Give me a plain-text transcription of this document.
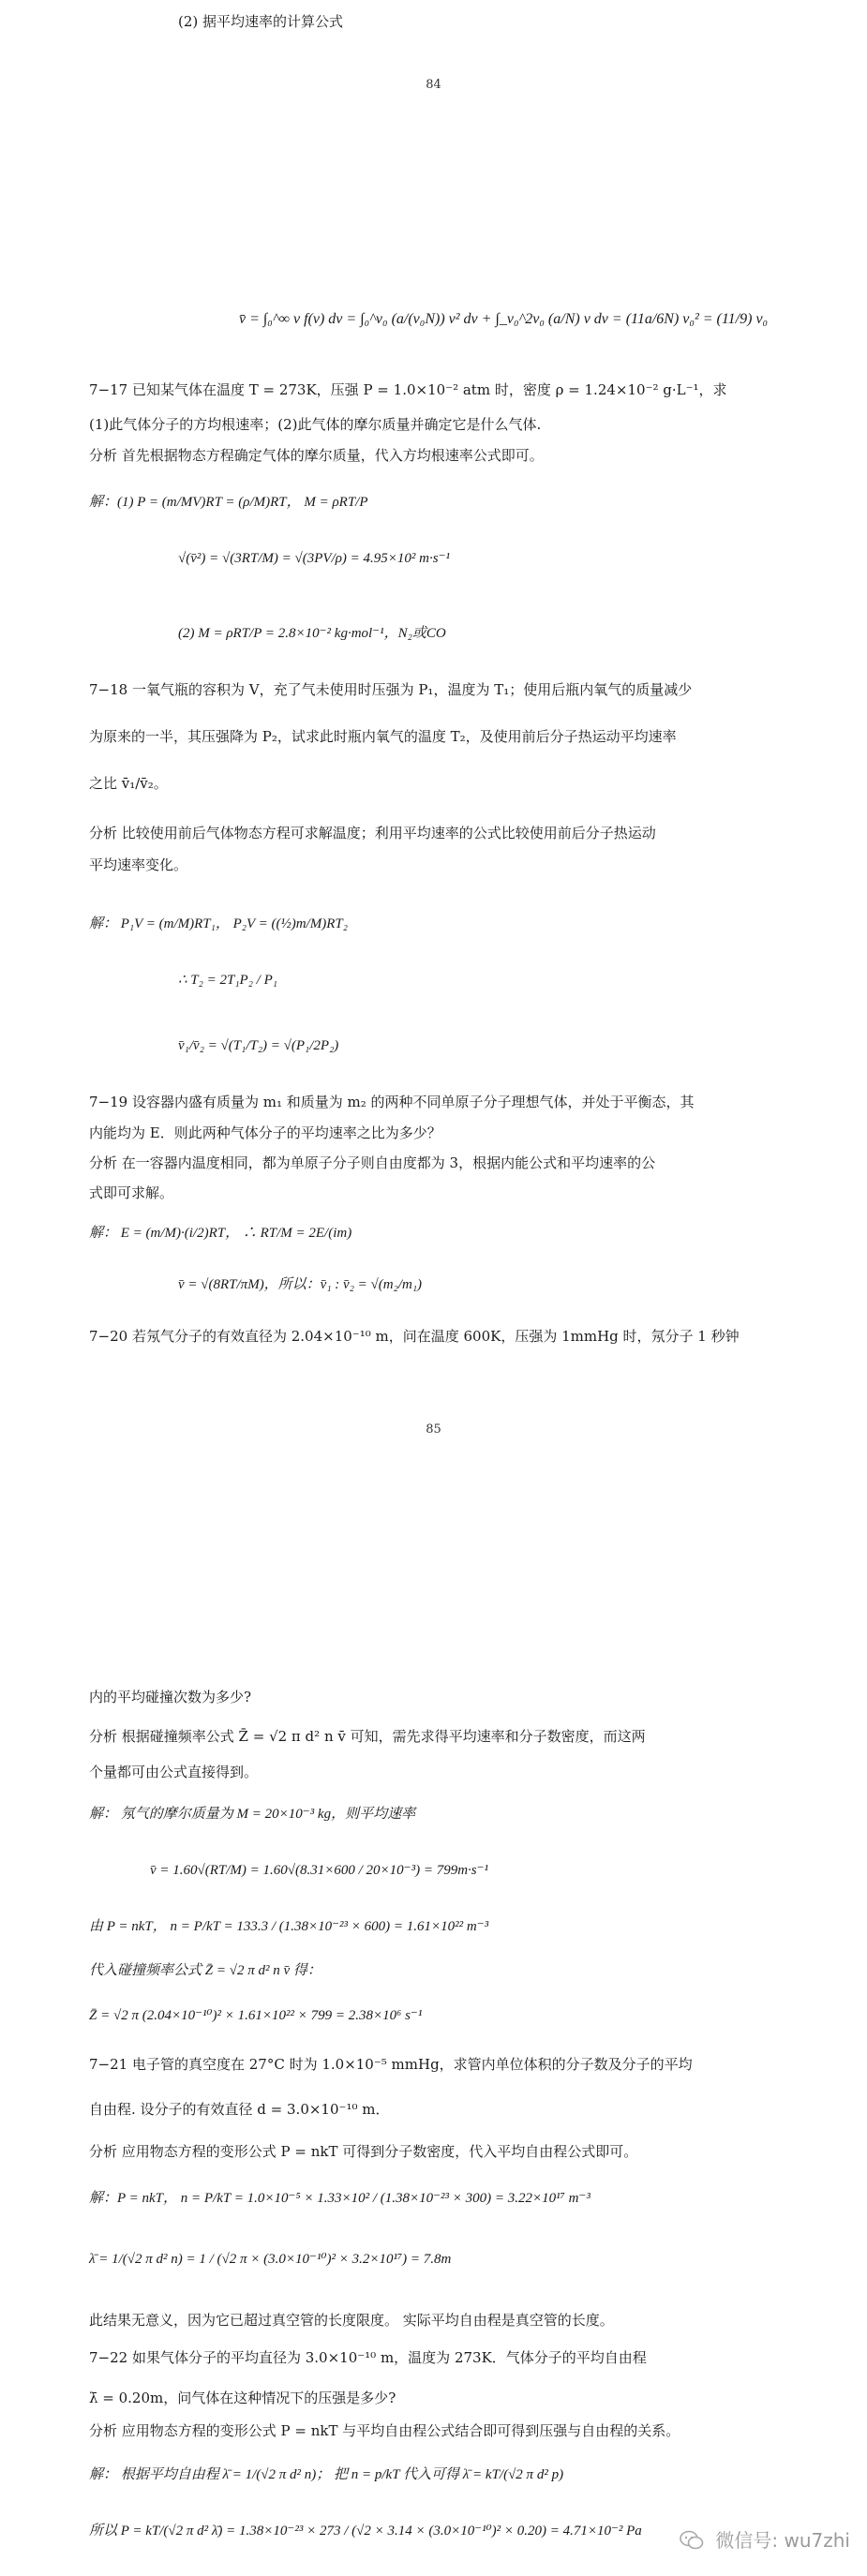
(2) 据平均速率的计算公式
84
v̄ = ∫₀^∞ v f(v) dv = ∫₀^v₀ (a/(v₀N)) v² dv + ∫_v₀^2v₀ (a/N) v dv = (11a/6N) v₀² = (11/9) v₀
7−17 已知某气体在温度 T = 273K，压强 P = 1.0×10⁻² atm 时，密度 ρ = 1.24×10⁻² g·L⁻¹，求
(1)此气体分子的方均根速率；(2)此气体的摩尔质量并确定它是什么气体.
分析 首先根据物态方程确定气体的摩尔质量，代入方均根速率公式即可。
解：(1) P = (m/MV)RT = (ρ/M)RT， M = ρRT/P
√(v̄²) = √(3RT/M) = √(3PV/ρ) = 4.95×10² m·s⁻¹
(2) M = ρRT/P = 2.8×10⁻² kg·mol⁻¹，N₂或CO
7−18 一氧气瓶的容积为 V，充了气未使用时压强为 P₁，温度为 T₁；使用后瓶内氧气的质量减少
为原来的一半，其压强降为 P₂，试求此时瓶内氧气的温度 T₂，及使用前后分子热运动平均速率
之比 v̄₁/v̄₂。
分析 比较使用前后气体物态方程可求解温度；利用平均速率的公式比较使用前后分子热运动
平均速率变化。
解： P₁V = (m/M)RT₁， P₂V = ((½)m/M)RT₂
∴ T₂ = 2T₁P₂ / P₁
v̄₁/v̄₂ = √(T₁/T₂) = √(P₁/2P₂)
7−19 设容器内盛有质量为 m₁ 和质量为 m₂ 的两种不同单原子分子理想气体，并处于平衡态，其
内能均为 E．则此两种气体分子的平均速率之比为多少？
分析 在一容器内温度相同，都为单原子分子则自由度都为 3，根据内能公式和平均速率的公
式即可求解。
解： E = (m/M)·(i/2)RT， ∴ RT/M = 2E/(im)
v̄ = √(8RT/πM)，所以：v̄₁ : v̄₂ = √(m₂/m₁)
7−20 若氖气分子的有效直径为 2.04×10⁻¹⁰ m，问在温度 600K，压强为 1mmHg 时，氖分子 1 秒钟
85
内的平均碰撞次数为多少?
分析 根据碰撞频率公式 Z̄ = √2 π d² n v̄ 可知，需先求得平均速率和分子数密度，而这两
个量都可由公式直接得到。
解： 氖气的摩尔质量为 M = 20×10⁻³ kg，则平均速率
v̄ = 1.60√(RT/M) = 1.60√(8.31×600 / 20×10⁻³) = 799m·s⁻¹
由 P = nkT， n = P/kT = 133.3 / (1.38×10⁻²³ × 600) = 1.61×10²² m⁻³
代入碰撞频率公式 Z̄ = √2 π d² n v̄ 得：
Z̄ = √2 π (2.04×10⁻¹⁰)² × 1.61×10²² × 799 = 2.38×10⁶ s⁻¹
7−21 电子管的真空度在 27°C 时为 1.0×10⁻⁵ mmHg，求管内单位体积的分子数及分子的平均
自由程. 设分子的有效直径 d = 3.0×10⁻¹⁰ m．
分析 应用物态方程的变形公式 P = nkT 可得到分子数密度，代入平均自由程公式即可。
解：P = nkT， n = P/kT = 1.0×10⁻⁵ × 1.33×10² / (1.38×10⁻²³ × 300) = 3.22×10¹⁷ m⁻³
λ̄ = 1/(√2 π d² n) = 1 / (√2 π × (3.0×10⁻¹⁰)² × 3.2×10¹⁷) = 7.8m
此结果无意义，因为它已超过真空管的长度限度。 实际平均自由程是真空管的长度。
7−22 如果气体分子的平均直径为 3.0×10⁻¹⁰ m，温度为 273K．气体分子的平均自由程
λ̄ = 0.20m，问气体在这种情况下的压强是多少?
分析 应用物态方程的变形公式 P = nkT 与平均自由程公式结合即可得到压强与自由程的关系。
解： 根据平均自由程 λ̄ = 1/(√2 π d² n)； 把 n = p/kT 代入可得 λ̄ = kT/(√2 π d² p)
所以 P = kT/(√2 π d² λ̄) = 1.38×10⁻²³ × 273 / (√2 × 3.14 × (3.0×10⁻¹⁰)² × 0.20) = 4.71×10⁻² Pa	微信号: wu7zhi
